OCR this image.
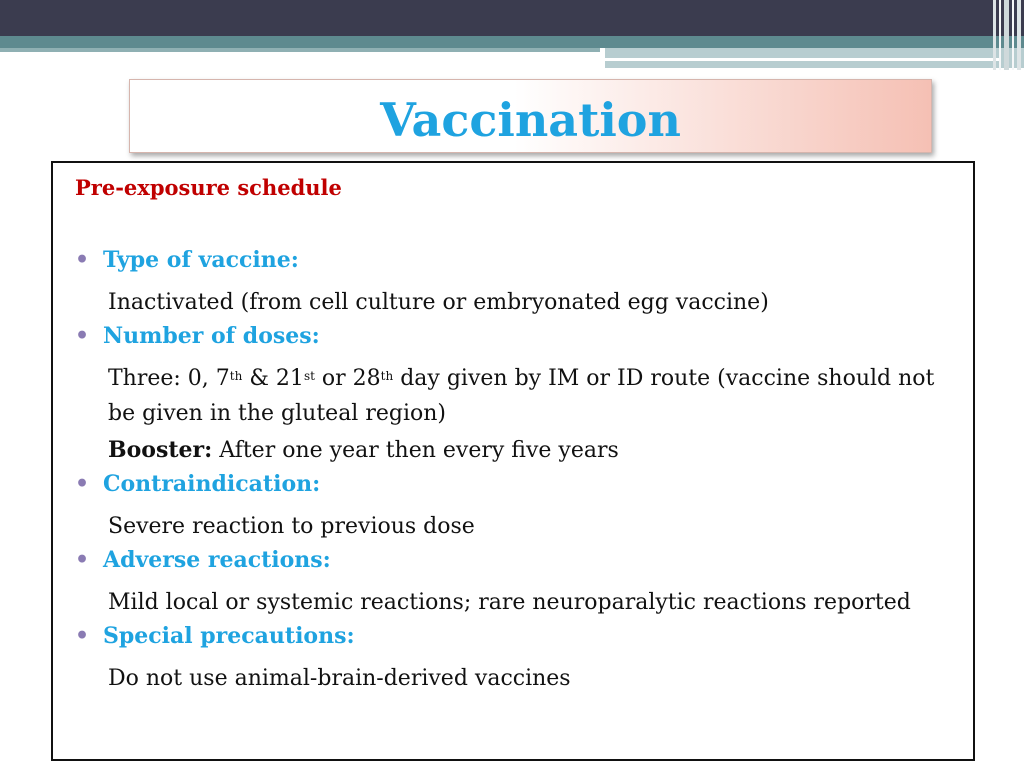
Vaccination
Pre-exposure schedule
• Type of vaccine:
Inactivated (from cell culture or embryonated egg vaccine)
• Number of doses:
Three: 0, 7th & 21st or 28th day given by IM or ID route (vaccine should not be given in the gluteal region)
Booster: After one year then every five years
• Contraindication:
Severe reaction to previous dose
• Adverse reactions:
Mild local or systemic reactions; rare neuroparalytic reactions reported
• Special precautions:
Do not use animal-brain-derived vaccines
